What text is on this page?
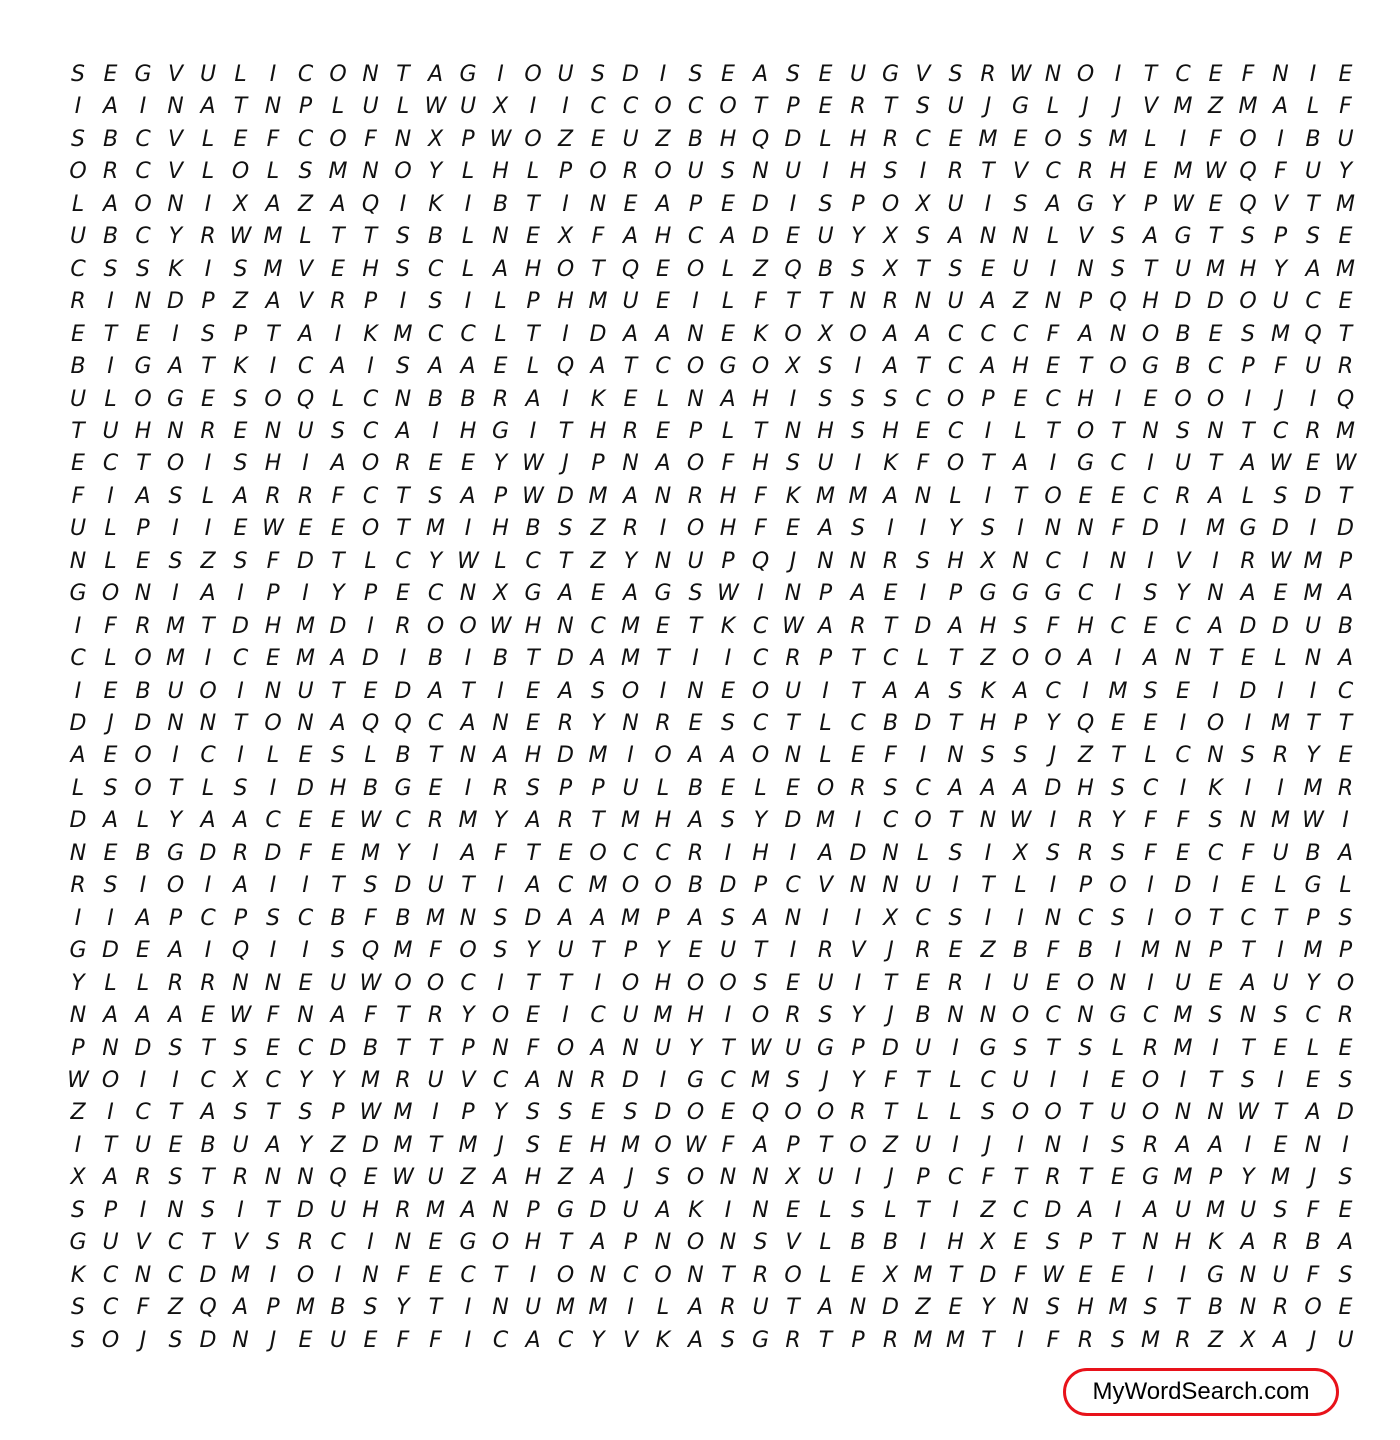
S E G V U L	I C O N T A G I O U S D I	S E A S E U G V S R W N O I	T C E F N I	E
I A I N A T N P L U L W U X I	I C C O C O T P E R T S U J G L	J	J V M Z M A L F
S B C V L E F C O F N X P W O Z E U Z B H Q D L H R C E M E O S M L	I	F O I B U
O R C V L O L S M N O Y L H L P O R O U S N U I H S	I R T V C R H E M W Q F U Y
L A O N I X A Z A Q I	K	I B T	I N E A P E D I	S P O X U I	S A G Y P W E Q V T M
U B C Y R W M L T T S B L N E X F A H C A D E U Y X S A N N L V S A G T S P S E
C S S K	I	S M V E H S C L A H O T Q E O L Z Q B S X T S E U I N S T U M H Y A M
R I N D P Z A V R P	I	S	I	L P H M U E	I	L F T T N R N U A Z N P Q H D D O U C E
E T E	I	S P T A I	K M C C L T	I D A A N E K O X O A A C C C F A N O B E S M Q T
B I G A T K	I C A I	S A A E L Q A T C O G O X S	I A T C A H E T O G B C P F U R
U L O G E S O Q L C N B B R A I	K E L N A H I	S S S C O P E C H I	E O O I	J	I Q
T U H N R E N U S C A I H G I	T H R E P L T N H S H E C I	L T O T N S N T C R M
E C T O I	S H I A O R E E Y W J	P N A O F H S U I	K F O T A I G C I U T A W E W
F	I A S L A R R F C T S A P W D M A N R H F K M M A N L	I	T O E E C R A L S D T
U L P	I	I	E W E E O T M I H B S Z R I O H F E A S	I	I	Y S	I N N F D I M G D I D
N L E S Z S F D T L C Y W L C T Z Y N U P Q J N N R S H X N C I N I V I R W M P
G O N I A I	P	I	Y P E C N X G A E A G S W I N P A E	I	P G G G C I	S Y N A E M A
I	F R M T D H M D I R O O W H N C M E T K C W A R T D A H S F H C E C A D D U B
C L O M I C E M A D I B I B T D A M T	I	I C R P T C L T Z O O A I A N T E L N A
I	E B U O I N U T E D A T	I	E A S O I N E O U I	T A A S K A C I M S E	I D I	I C
D J D N N T O N A Q Q C A N E R Y N R E S C T L C B D T H P Y Q E E	I O I M T T
A E O I C I	L E S L B T N A H D M I O A A O N L E F	I N S S	J Z T L C N S R Y E
L S O T L S	I D H B G E	I R S P P U L B E L E O R S C A A A D H S C I	K	I	I M R
D A L Y A A C E E W C R M Y A R T M H A S Y D M I C O T N W I R Y F F S N M W I
N E B G D R D F E M Y	I A F T E O C C R I H I A D N L S	I X S R S F E C F U B A
R S	I O I A I	I	T S D U T	I A C M O O B D P C V N N U I	T L	I	P O I D I	E L G L
I	I A P C P S C B F B M N S D A A M P A S A N I	I X C S	I	I N C S	I O T C T P S
G D E A I Q I	I	S Q M F O S Y U T P Y E U T	I R V J R E Z B F B I M N P T	I M P
Y L L R R N N E U W O O C I	T T	I O H O O S E U I	T E R I U E O N I U E A U Y O
N A A A E W F N A F T R Y O E	I C U M H I O R S Y	J B N N O C N G C M S N S C R
P N D S T S E C D B T T P N F O A N U Y T W U G P D U I G S T S L R M I	T E L E
W O I	I C X C Y Y M R U V C A N R D I G C M S	J	Y F T L C U I	I	E O I	T S	I	E S
Z I C T A S T S P W M I	P Y S S E S D O E Q O O R T L L S O O T U O N N W T A D
I	T U E B U A Y Z D M T M J	S E H M O W F A P T O Z U I	J	I N I	S R A A I	E N I
X A R S T R N N Q E W U Z A H Z A J	S O N N X U I	J	P C F T R T E G M P Y M J	S
S P	I N S	I	T D U H R M A N P G D U A K	I N E L S L T	I Z C D A I A U M U S F E
G U V C T V S R C I N E G O H T A P N O N S V L B B I H X E S P T N H K A R B A
K C N C D M I O I N F E C T	I O N C O N T R O L E X M T D F W E E	I	I G N U F S
S C F Z Q A P M B S Y T	I N U M M I	L A R U T A N D Z E Y N S H M S T B N R O E
S O J	S D N J	E U E F F	I C A C Y V K A S G R T P R M M T	I	F R S M R Z X A J U
MyWordSearch.com
